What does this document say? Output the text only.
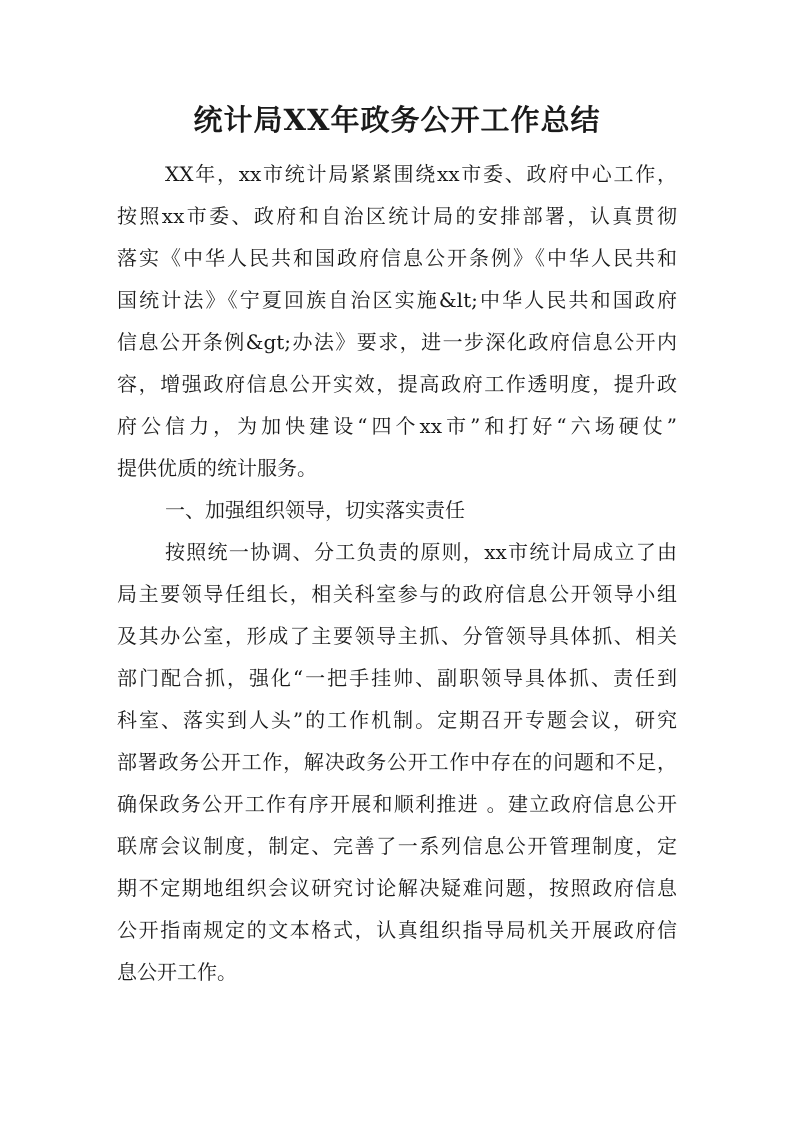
统计局XX年政务公开工作总结
XX年，xx市统计局紧紧围绕xx市委、政府中心工作，
按照xx市委、政府和自治区统计局的安排部署，认真贯彻
落实《中华人民共和国政府信息公开条例》《中华人民共和
国统计法》《宁夏回族自治区实施&lt;中华人民共和国政府
信息公开条例&gt;办法》要求，进一步深化政府信息公开内
容，增强政府信息公开实效，提高政府工作透明度，提升政
府公信力，为加快建设“四个xx市”和打好“六场硬仗”
提供优质的统计服务。
一、加强组织领导，切实落实责任
按照统一协调、分工负责的原则，xx市统计局成立了由
局主要领导任组长，相关科室参与的政府信息公开领导小组
及其办公室，形成了主要领导主抓、分管领导具体抓、相关
部门配合抓，强化“一把手挂帅、副职领导具体抓、责任到
科室、落实到人头”的工作机制。定期召开专题会议，研究
部署政务公开工作，解决政务公开工作中存在的问题和不足，
确保政务公开工作有序开展和顺利推进 。建立政府信息公开
联席会议制度，制定、完善了一系列信息公开管理制度，定
期不定期地组织会议研究讨论解决疑难问题，按照政府信息
公开指南规定的文本格式，认真组织指导局机关开展政府信
息公开工作。
